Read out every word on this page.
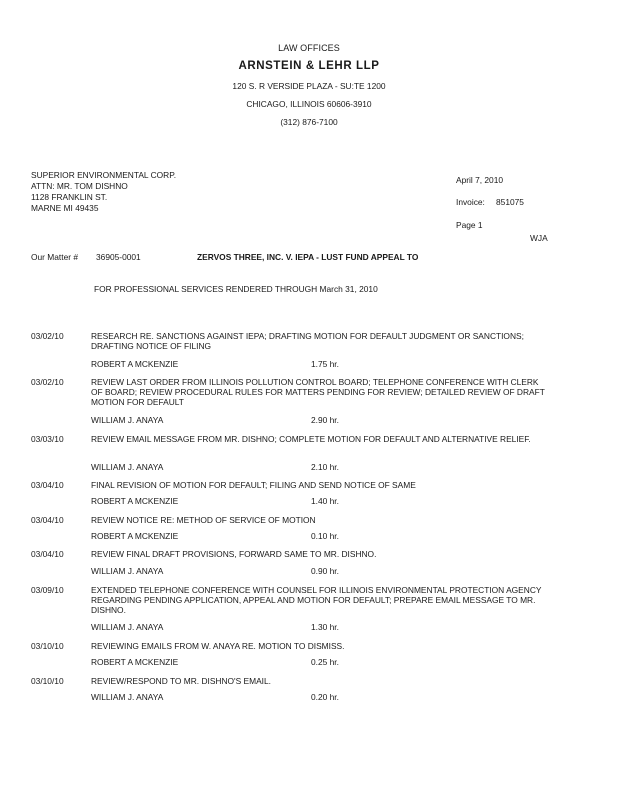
LAW OFFICES
ARNSTEIN & LEHR LLP
120 S. R VERSIDE PLAZA - SU:TE 1200
CHICAGO, ILLINOIS 60606-3910
(312) 876-7100
SUPERIOR ENVIRONMENTAL CORP.
ATTN: MR. TOM DISHNO
1128 FRANKLIN ST.
MARNE MI 49435
April 7, 2010
Invoice: 851075
Page 1
WJA
Our Matter # 36905-0001	ZERVOS THREE, INC. V. IEPA - LUST FUND APPEAL TO
FOR PROFESSIONAL SERVICES RENDERED THROUGH March 31, 2010
03/02/10	RESEARCH RE. SANCTIONS AGAINST IEPA; DRAFTING MOTION FOR DEFAULT JUDGMENT OR SANCTIONS; DRAFTING NOTICE OF FILING
ROBERT A MCKENZIE	1.75 hr.
03/02/10	REVIEW LAST ORDER FROM ILLINOIS POLLUTION CONTROL BOARD; TELEPHONE CONFERENCE WITH CLERK OF BOARD; REVIEW PROCEDURAL RULES FOR MATTERS PENDING FOR REVIEW; DETAILED REVIEW OF DRAFT MOTION FOR DEFAULT
WILLIAM J. ANAYA	2.90 hr.
03/03/10	REVIEW EMAIL MESSAGE FROM MR. DISHNO; COMPLETE MOTION FOR DEFAULT AND ALTERNATIVE RELIEF.
WILLIAM J. ANAYA	2.10 hr.
03/04/10	FINAL REVISION OF MOTION FOR DEFAULT; FILING AND SEND NOTICE OF SAME
ROBERT A MCKENZIE	1.40 hr.
03/04/10	REVIEW NOTICE RE: METHOD OF SERVICE OF MOTION
ROBERT A MCKENZIE	0.10 hr.
03/04/10	REVIEW FINAL DRAFT PROVISIONS, FORWARD SAME TO MR. DISHNO.
WILLIAM J. ANAYA	0.90 hr.
03/09/10	EXTENDED TELEPHONE CONFERENCE WITH COUNSEL FOR ILLINOIS ENVIRONMENTAL PROTECTION AGENCY REGARDING PENDING APPLICATION, APPEAL AND MOTION FOR DEFAULT; PREPARE EMAIL MESSAGE TO MR. DISHNO.
WILLIAM J. ANAYA	1.30 hr.
03/10/10	REVIEWING EMAILS FROM W. ANAYA RE. MOTION TO DISMISS.
ROBERT A MCKENZIE	0.25 hr.
03/10/10	REVIEW/RESPOND TO MR. DISHNO'S EMAIL.
WILLIAM J. ANAYA	0.20 hr.
